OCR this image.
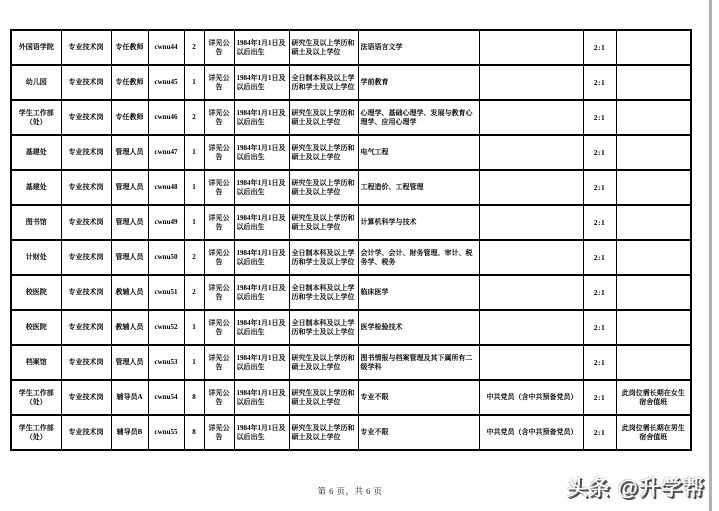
外国语学院	专业技术岗	专任教师	cwnu44	2	详见公告	1984年1月1日及以后出生	研究生及以上学历和硕士及以上学位	法语语言文学		2:1	
幼儿园	专业技术岗	专任教师	cwnu45	1	详见公告	1984年1月1日及以后出生	全日制本科及以上学历和学士及以上学位	学前教育		2:1	
学生工作部（处）	专业技术岗	专任教师	cwnu46	2	详见公告	1984年1月1日及以后出生	研究生及以上学历和硕士及以上学位	心理学、基础心理学、发展与教育心理学、应用心理学		2:1	
基建处	专业技术岗	管理人员	cwnu47	1	详见公告	1984年1月1日及以后出生	研究生及以上学历和硕士及以上学位	电气工程		2:1	
基建处	专业技术岗	管理人员	cwnu48	1	详见公告	1984年1月1日及以后出生	研究生及以上学历和硕士及以上学位	工程造价、工程管理		2:1	
图书馆	专业技术岗	管理人员	cwnu49	1	详见公告	1984年1月1日及以后出生	研究生及以上学历和硕士及以上学位	计算机科学与技术		2:1	
计财处	专业技术岗	管理人员	cwnu50	2	详见公告	1984年1月1日及以后出生	全日制本科及以上学历和学士及以上学位	会计学、会计、财务管理、审计、税务学、税务		2:1	
校医院	专业技术岗	教辅人员	cwnu51	2	详见公告	1984年1月1日及以后出生	全日制本科及以上学历和学士及以上学位	临床医学		2:1	
校医院	专业技术岗	教辅人员	cwnu52	1	详见公告	1984年1月1日及以后出生	全日制本科及以上学历和学士及以上学位	医学检验技术		2:1	
档案馆	专业技术岗	管理人员	cwnu53	1	详见公告	1984年1月1日及以后出生	研究生及以上学历和硕士及以上学位	图书情报与档案管理及其下属所有二级学科		2:1	
学生工作部（处）	专业技术岗	辅导员A	cwnu54	8	详见公告	1984年1月1日及以后出生	研究生及以上学历和硕士及以上学位	专业不限	中共党员（含中共预备党员）	2:1	此岗位需长期在女生宿舍值班
学生工作部（处）	专业技术岗	辅导员B	cwnu55	8	详见公告	1984年1月1日及以后出生	研究生及以上学历和硕士及以上学位	专业不限	中共党员（含中共预备党员）	2:1	此岗位需长期在男生宿舍值班
第 6 页，共 6 页	头条 @升学帮
